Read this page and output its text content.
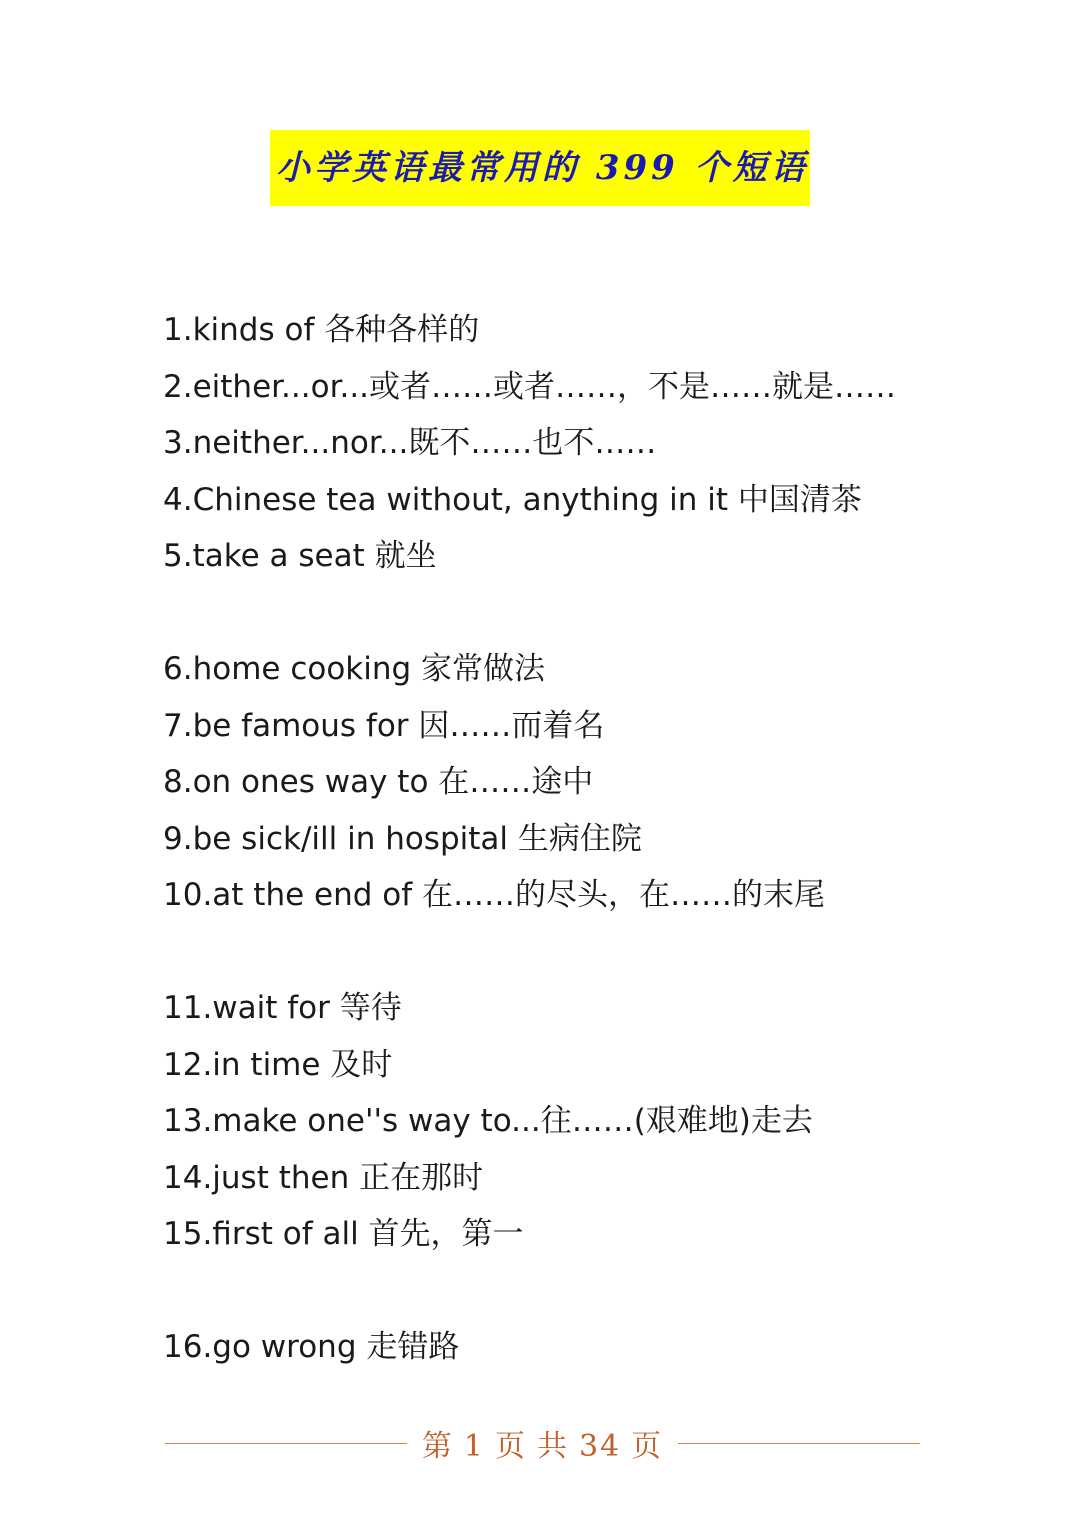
小学英语最常用的 399 个短语
1.kinds of 各种各样的
2.either...or...或者……或者……，不是……就是……
3.neither...nor...既不……也不……
4.Chinese tea without, anything in it 中国清茶
5.take a seat 就坐
6.home cooking 家常做法
7.be famous for 因……而着名
8.on ones way to 在……途中
9.be sick/ill in hospital 生病住院
10.at the end of 在……的尽头，在……的末尾
11.wait for 等待
12.in time 及时
13.make one''s way to...往……(艰难地)走去
14.just then 正在那时
15.first of all 首先，第一
16.go wrong 走错路
第 1 页 共 34 页
